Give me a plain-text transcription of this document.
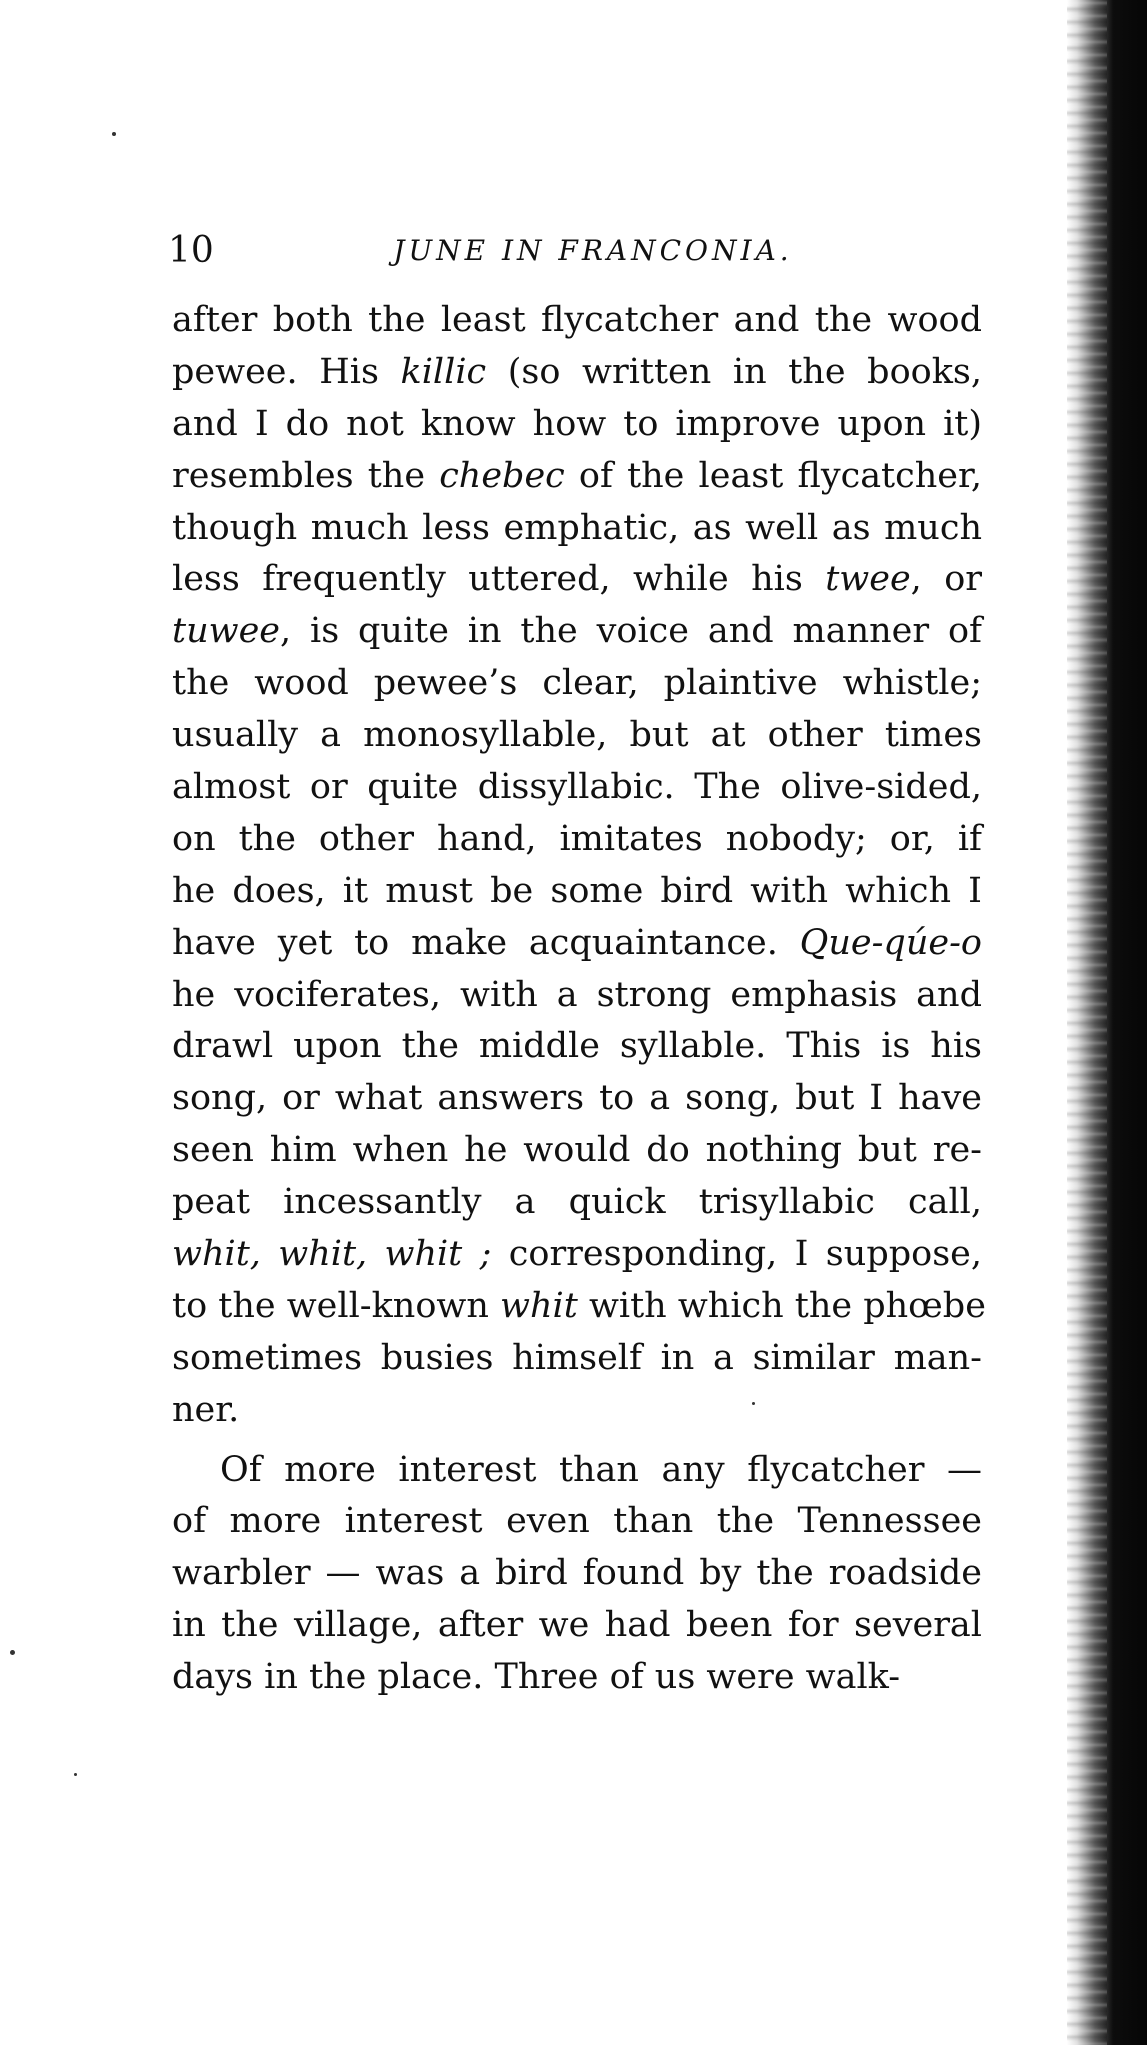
10	JUNE IN FRANCONIA.
after both the least flycatcher and the wood
pewee. His killic (so written in the books,
and I do not know how to improve upon it)
resembles the chebec of the least flycatcher,
though much less emphatic, as well as much
less frequently uttered, while his twee, or
tuwee, is quite in the voice and manner of
the wood pewee’s clear, plaintive whistle;
usually a monosyllable, but at other times
almost or quite dissyllabic. The olive-sided,
on the other hand, imitates nobody; or, if
he does, it must be some bird with which I
have yet to make acquaintance. Que-qúe-o
he vociferates, with a strong emphasis and
drawl upon the middle syllable. This is his
song, or what answers to a song, but I have
seen him when he would do nothing but re-
peat incessantly a quick trisyllabic call,
whit, whit, whit ; corresponding, I suppose,
to the well-known whit with which the phœbe
sometimes busies himself in a similar man-
ner.
Of more interest than any flycatcher —
of more interest even than the Tennessee
warbler — was a bird found by the roadside
in the village, after we had been for several
days in the place. Three of us were walk-
